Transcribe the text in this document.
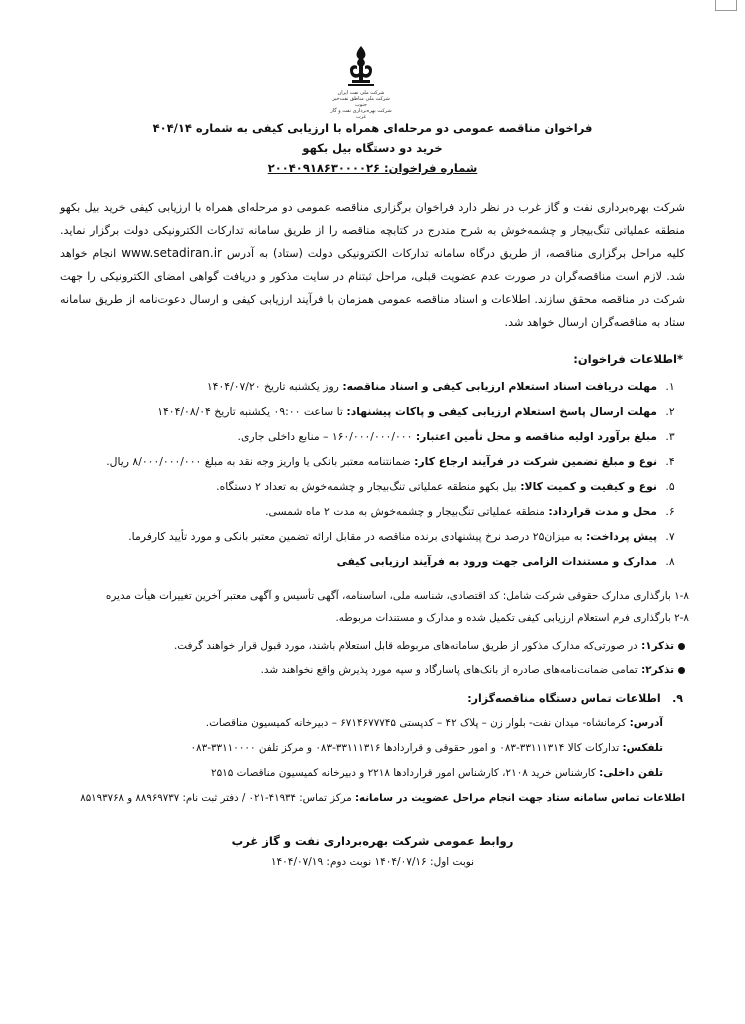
شرکت ملی نفت ایران
شرکت ملی مناطق نفت‌خیز جنوب
شرکت بهره‌برداری نفت و گاز غرب
فراخوان مناقصه عمومی دو مرحله‌ای همراه با ارزیابی کیفی به شماره ۴۰۴/۱۴
خرید دو دستگاه بیل بکهو
شماره فراخوان: ۲۰۰۴۰۹۱۸۶۳۰۰۰۰۲۶
شرکت بهره‌برداری نفت و گاز غرب در نظر دارد فراخوان برگزاری مناقصه عمومی دو مرحله‌ای همراه با ارزیابی کیفی خرید بیل بکهو منطقه عملیاتی تنگ‌بیجار و چشمه‌خوش به شرح مندرج در کتابچه مناقصه را از طریق سامانه تدارکات الکترونیکی دولت برگزار نماید. کلیه مراحل برگزاری مناقصه، از طریق درگاه سامانه تدارکات الکترونیکی دولت (ستاد) به آدرس www.setadiran.ir انجام خواهد شد. لازم است مناقصه‌گران در صورت عدم عضویت قبلی، مراحل ثبتنام در سایت مذکور و دریافت گواهی امضای الکترونیکی را جهت شرکت در مناقصه محقق سازند. اطلاعات و اسناد مناقصه عمومی همزمان با فرآیند ارزیابی کیفی و ارسال دعوت‌نامه از طریق سامانه ستاد به مناقصه‌گران ارسال خواهد شد.
*اطلاعات فراخوان:
۱.
مهلت دریافت اسناد استعلام ارزیابی کیفی و اسناد مناقصه: روز یکشنبه تاریخ ۱۴۰۴/۰۷/۲۰
۲.
مهلت ارسال پاسخ استعلام ارزیابی کیفی و پاکات پیشنهاد: تا ساعت ۰۹:۰۰ یکشنبه تاریخ ۱۴۰۴/۰۸/۰۴
۳.
مبلغ برآورد اولیه مناقصه و محل تأمین اعتبار: ۱۶۰/۰۰۰/۰۰۰/۰۰۰ – منابع داخلی جاری.
۴.
نوع و مبلغ تضمین شرکت در فرآیند ارجاع کار: ضمانتنامه معتبر بانکی یا واریز وجه نقد به مبلغ ۸/۰۰۰/۰۰۰/۰۰۰ ریال.
۵.
نوع و کیفیت و کمیت کالا: بیل بکهو منطقه عملیاتی تنگ‌بیجار و چشمه‌خوش به تعداد ۲ دستگاه.
۶.
محل و مدت قرارداد: منطقه عملیاتی تنگ‌بیجار و چشمه‌خوش به مدت ۲ ماه شمسی.
۷.
پیش پرداخت: به میزان۲۵ درصد نرخ پیشنهادی برنده مناقصه در مقابل ارائه تضمین معتبر بانکی و مورد تأیید کارفرما.
۸.
مدارک و مستندات الزامی جهت ورود به فرآیند ارزیابی کیفی
۱-۸ بارگذاری مدارک حقوقی شرکت شامل: کد اقتصادی، شناسه ملی، اساسنامه، آگهی تأسیس و آگهی معتبر آخرین تغییرات هیأت مدیره
۲-۸ بارگذاری فرم استعلام ارزیابی کیفی تکمیل شده و مدارک و مستندات مربوطه.
تذکر۱: در صورتی‌که مدارک مذکور از طریق سامانه‌های مربوطه قابل استعلام باشند، مورد قبول قرار خواهند گرفت.
تذکر۲: تمامی ضمانت‌نامه‌های صادره از بانک‌های پاسارگاد و سپه مورد پذیرش واقع نخواهند شد.
۹.   اطلاعات تماس دستگاه مناقصه‌گزار:
آدرس: کرمانشاه- میدان نفت- بلوار زن – پلاک ۴۲ – کدپستی ۶۷۱۴۶۷۷۷۴۵ – دبیرخانه کمیسیون مناقصات.
تلفکس: تدارکات کالا ۳۳۱۱۱۳۱۴-۰۸۳ و امور حقوقی و قراردادها ۳۳۱۱۱۳۱۶-۰۸۳ و مرکز تلفن ۳۳۱۱۰۰۰۰-۰۸۳
تلفن داخلی: کارشناس خرید ۲۱۰۸، کارشناس امور قراردادها ۲۲۱۸ و دبیرخانه کمیسیون مناقصات ۲۵۱۵
اطلاعات تماس سامانه ستاد جهت انجام مراحل عضویت در سامانه: مرکز تماس: ۴۱۹۳۴-۰۲۱ / دفتر ثبت نام: ۸۸۹۶۹۷۳۷ و ۸۵۱۹۳۷۶۸
روابط عمومی شرکت بهره‌برداری نفت و گاز غرب
نوبت اول: ۱۴۰۴/۰۷/۱۶ نوبت دوم: ۱۴۰۴/۰۷/۱۹
